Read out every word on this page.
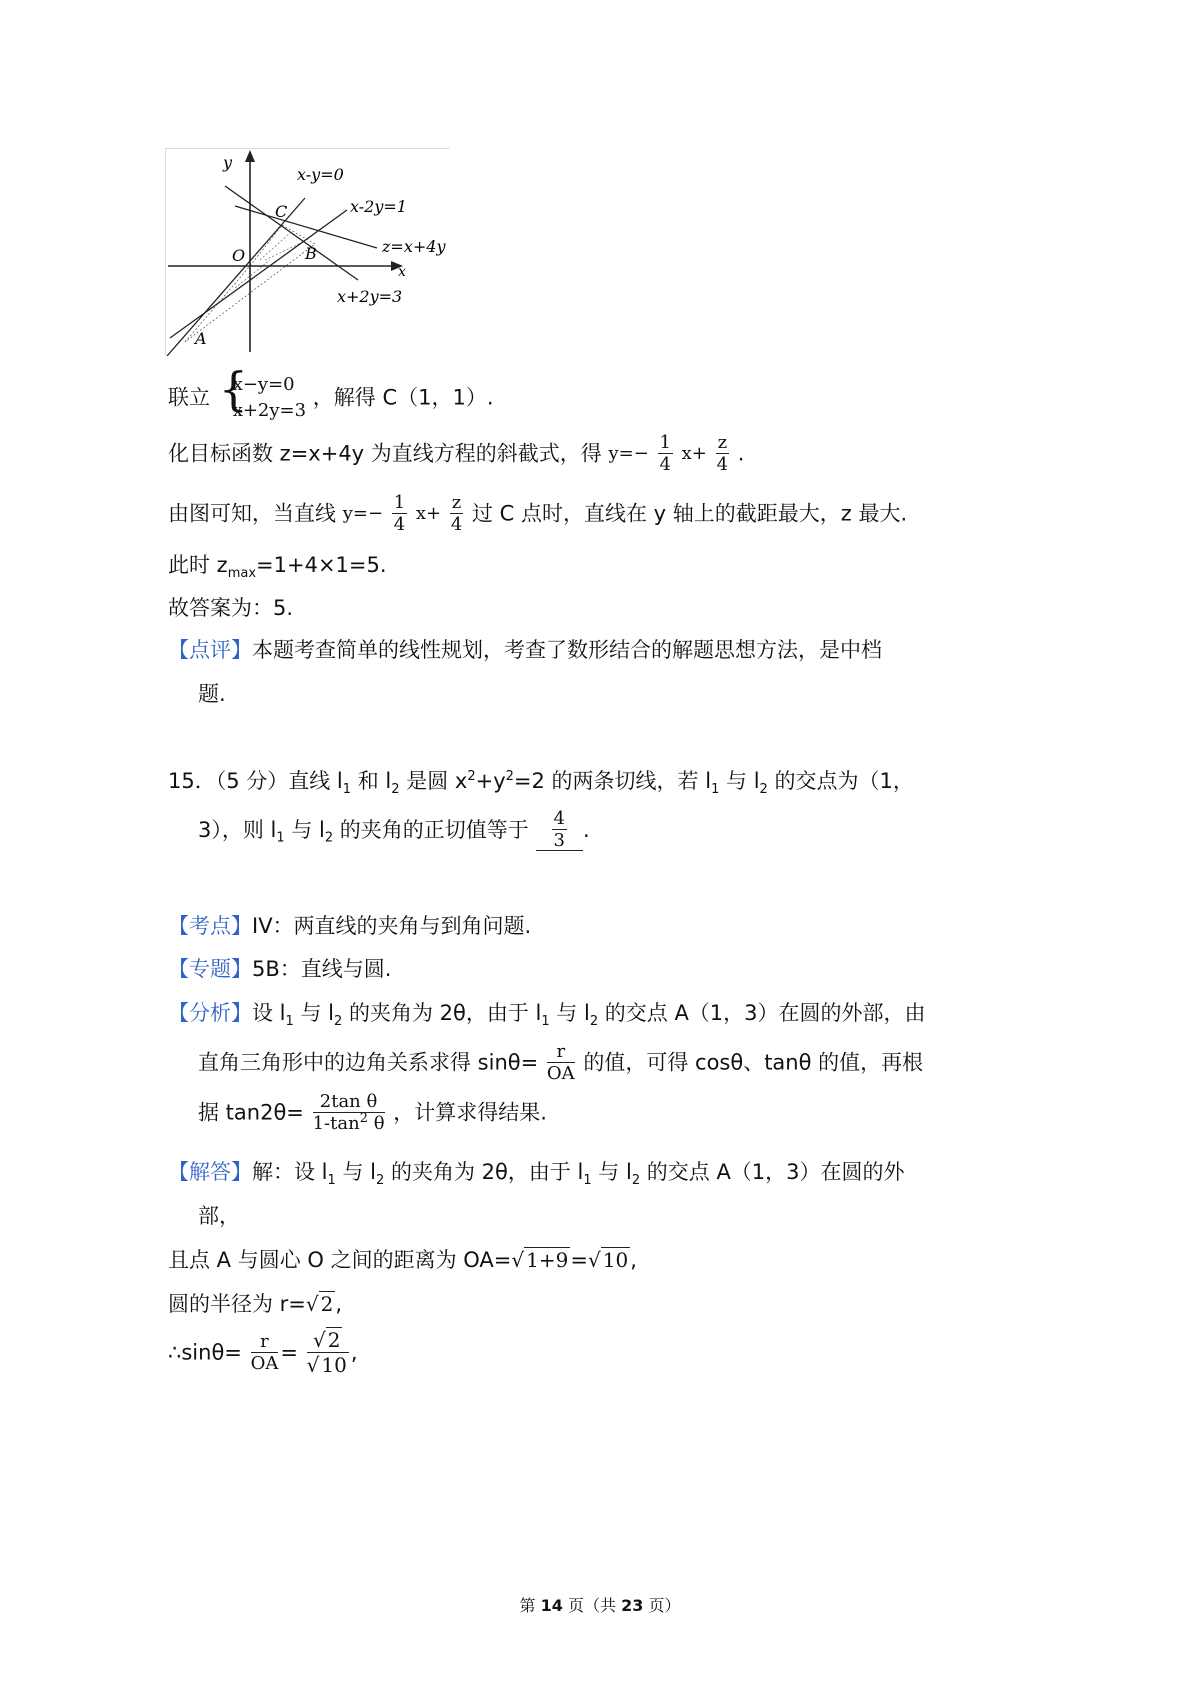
y
x
x-y=0
x-2y=1
z=x+4y
x+2y=3
C
O	B
A
联立 {
x−y=0
x+2y=3
，解得 C（1，1）.
化目标函数 z=x+4y 为直线方程的斜截式，得 $y=- \frac{1}{4} x+ \frac{z}{4}$ .
由图可知，当直线 $y=- \frac{1}{4} x+ \frac{z}{4}$ 过 C 点时，直线在 y 轴上的截距最大，z 最大.
此时 $z_{max}=1+4\times 1=5$.
故答案为：5.
【点评】本题考查简单的线性规划，考查了数形结合的解题思想方法，是中档
题.
15．（5 分）直线 $l_1$ 和 $l_2$ 是圆 $x^2+y^2=2$ 的两条切线，若 $l_1$ 与 $l_2$ 的交点为（1，
3），则 $l_1$ 与 $l_2$ 的夹角的正切值等于 $\frac{4}{3}$ .
【考点】IV：两直线的夹角与到角问题.
【专题】5B：直线与圆.
【分析】设 $l_1$ 与 $l_2$ 的夹角为 2θ，由于 $l_1$ 与 $l_2$ 的交点 A（1，3）在圆的外部，由
直角三角形中的边角关系求得 $\sin\theta= \frac{r}{OA}$ 的值，可得 cosθ、tanθ 的值，再根
据 $\tan 2\theta= \frac{\text{2tan θ}}{1-\tan^2 \theta}$ ，计算求得结果.
【解答】解：设 $l_1$ 与 $l_2$ 的夹角为 2θ，由于 $l_1$ 与 $l_2$ 的交点 A（1，3）在圆的外
部，
且点 A 与圆心 O 之间的距离为 OA=√ 1+9=√ 10,
圆的半径为 r=√ 2,
∴sinθ= $\frac{r}{OA} = \frac{√ 2}{√ 10}$ ,
第 14 页（共 23 页）
